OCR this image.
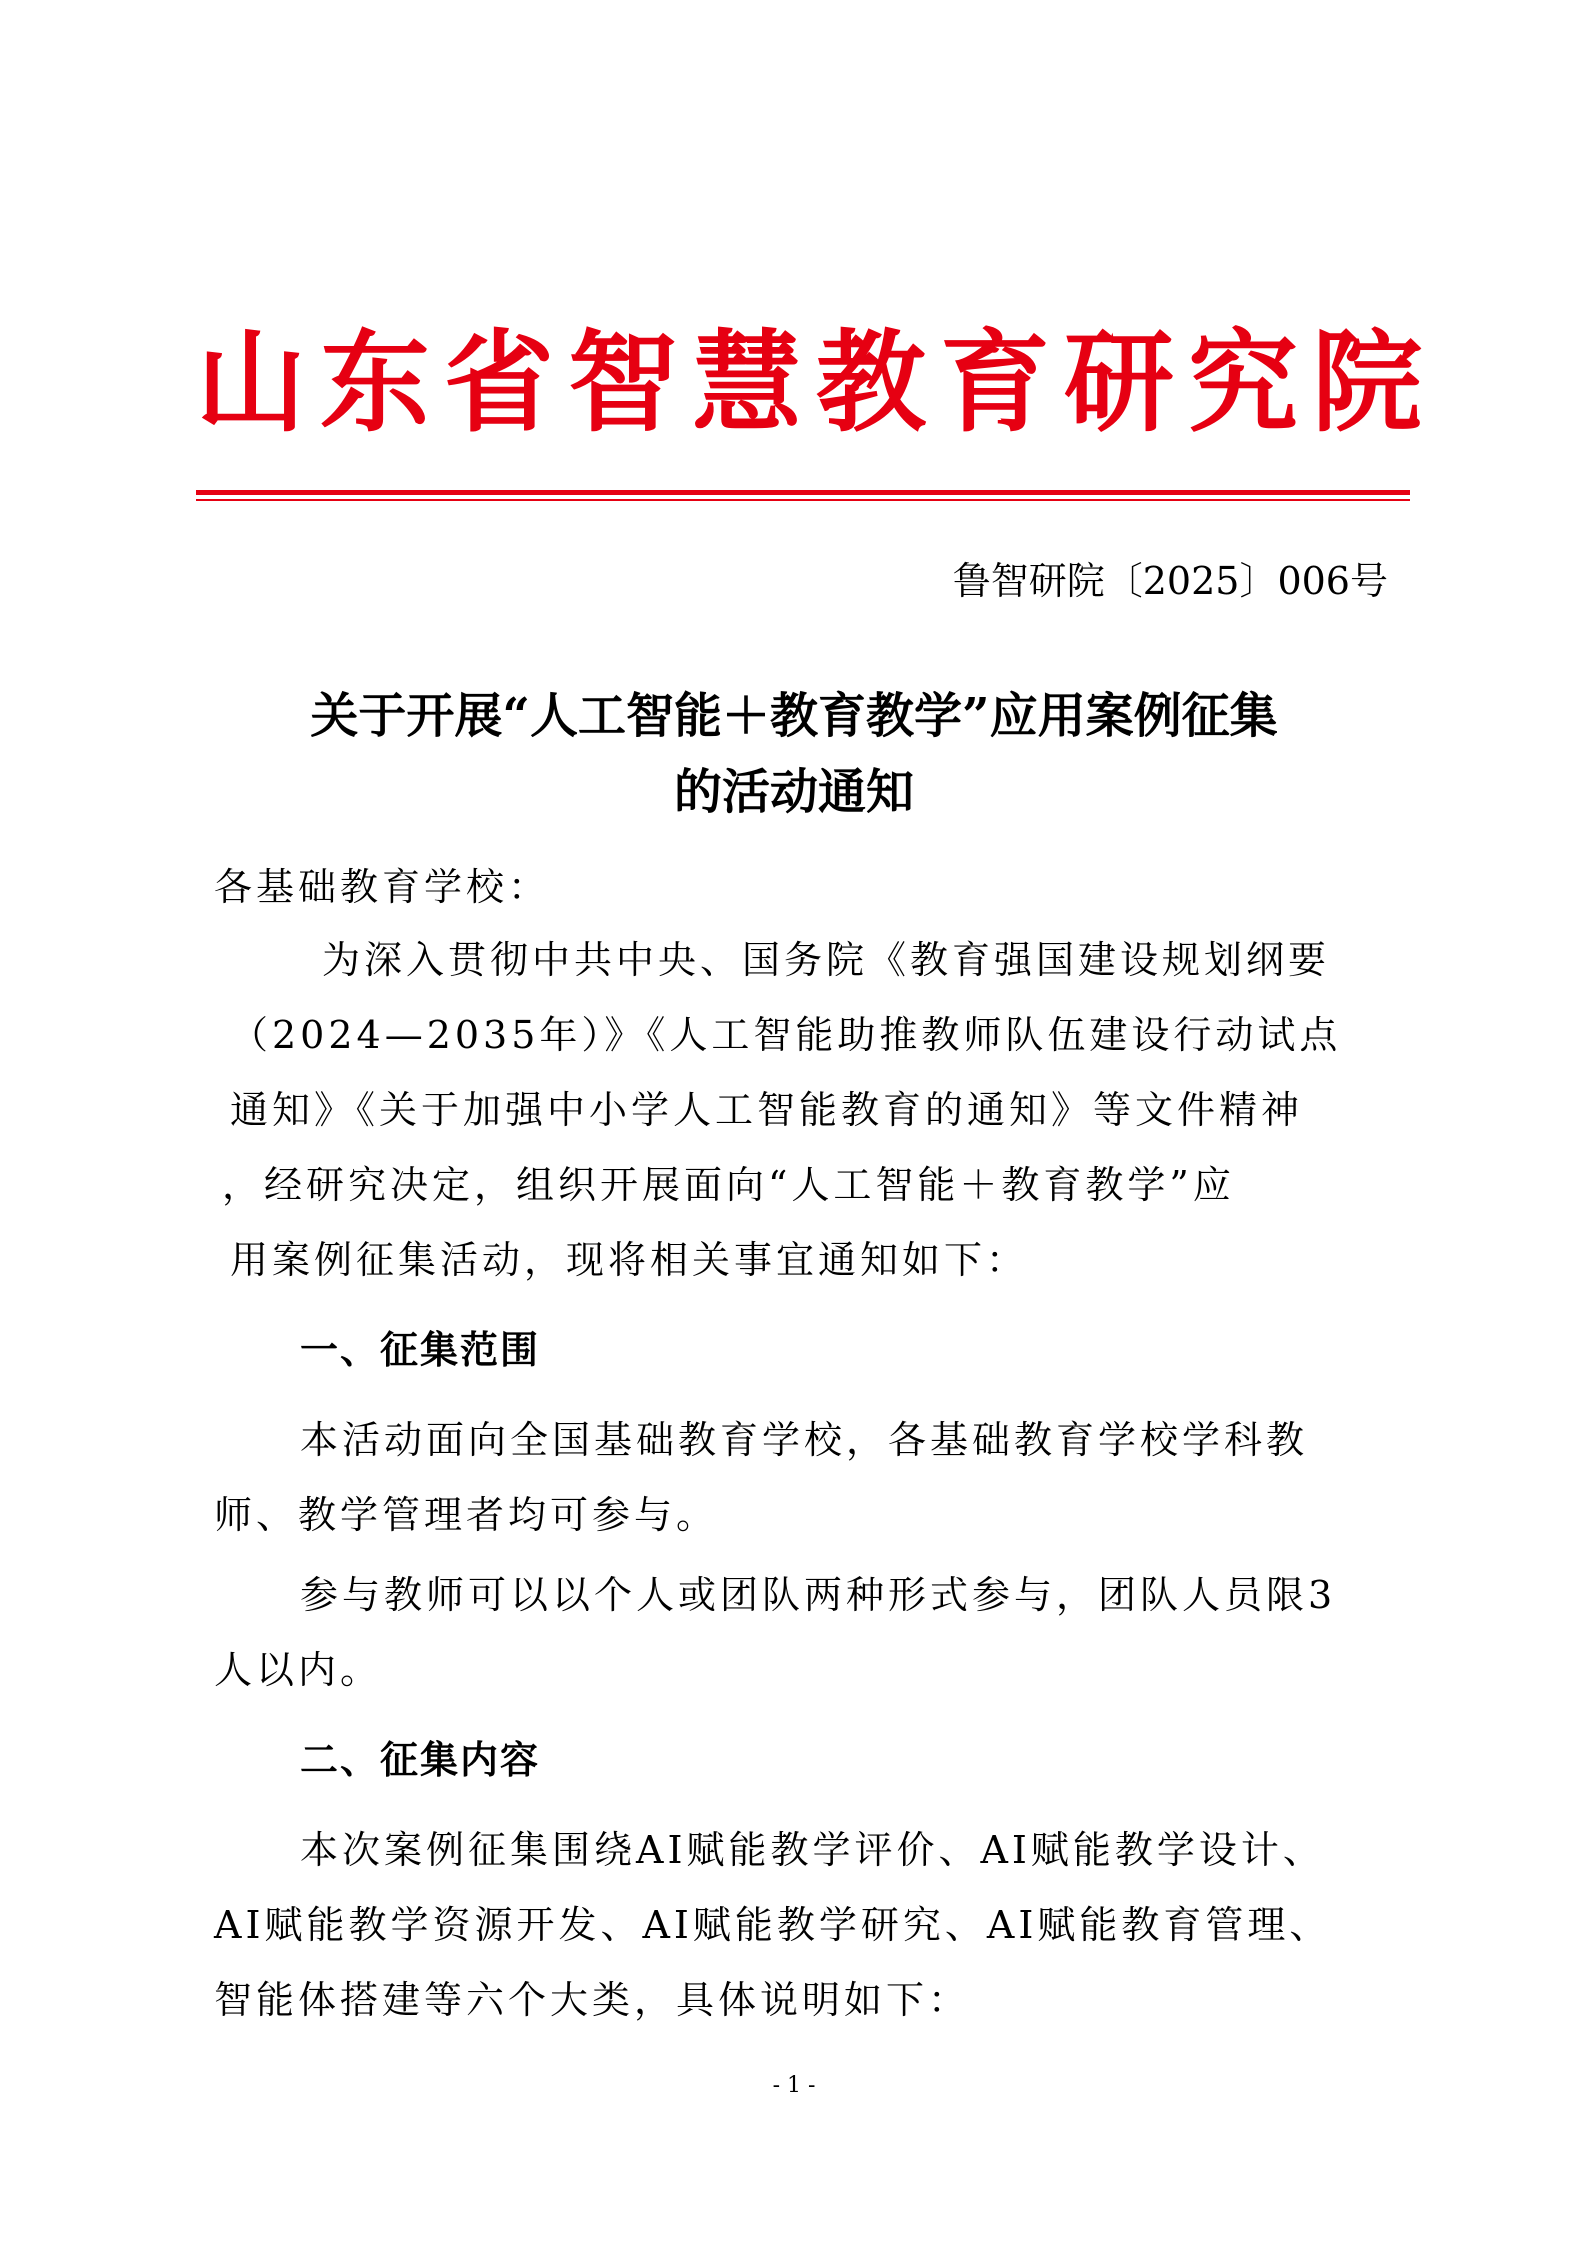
山东省智慧教育研究院
鲁智研院〔2025〕006号
关于开展“人工智能＋教育教学”应用案例征集
的活动通知
各基础教育学校：
为深入贯彻中共中央、国务院《教育强国建设规划纲要
（2024—2035年）》《人工智能助推教师队伍建设行动试点
通知》《关于加强中小学人工智能教育的通知》等文件精神
，经研究决定，组织开展面向“人工智能＋教育教学”应
用案例征集活动，现将相关事宜通知如下：
一、征集范围
本活动面向全国基础教育学校，各基础教育学校学科教
师、教学管理者均可参与。
参与教师可以以个人或团队两种形式参与，团队人员限3
人以内。
二、征集内容
本次案例征集围绕AI赋能教学评价、AI赋能教学设计、
AI赋能教学资源开发、AI赋能教学研究、AI赋能教育管理、
智能体搭建等六个大类，具体说明如下：
- 1 -
